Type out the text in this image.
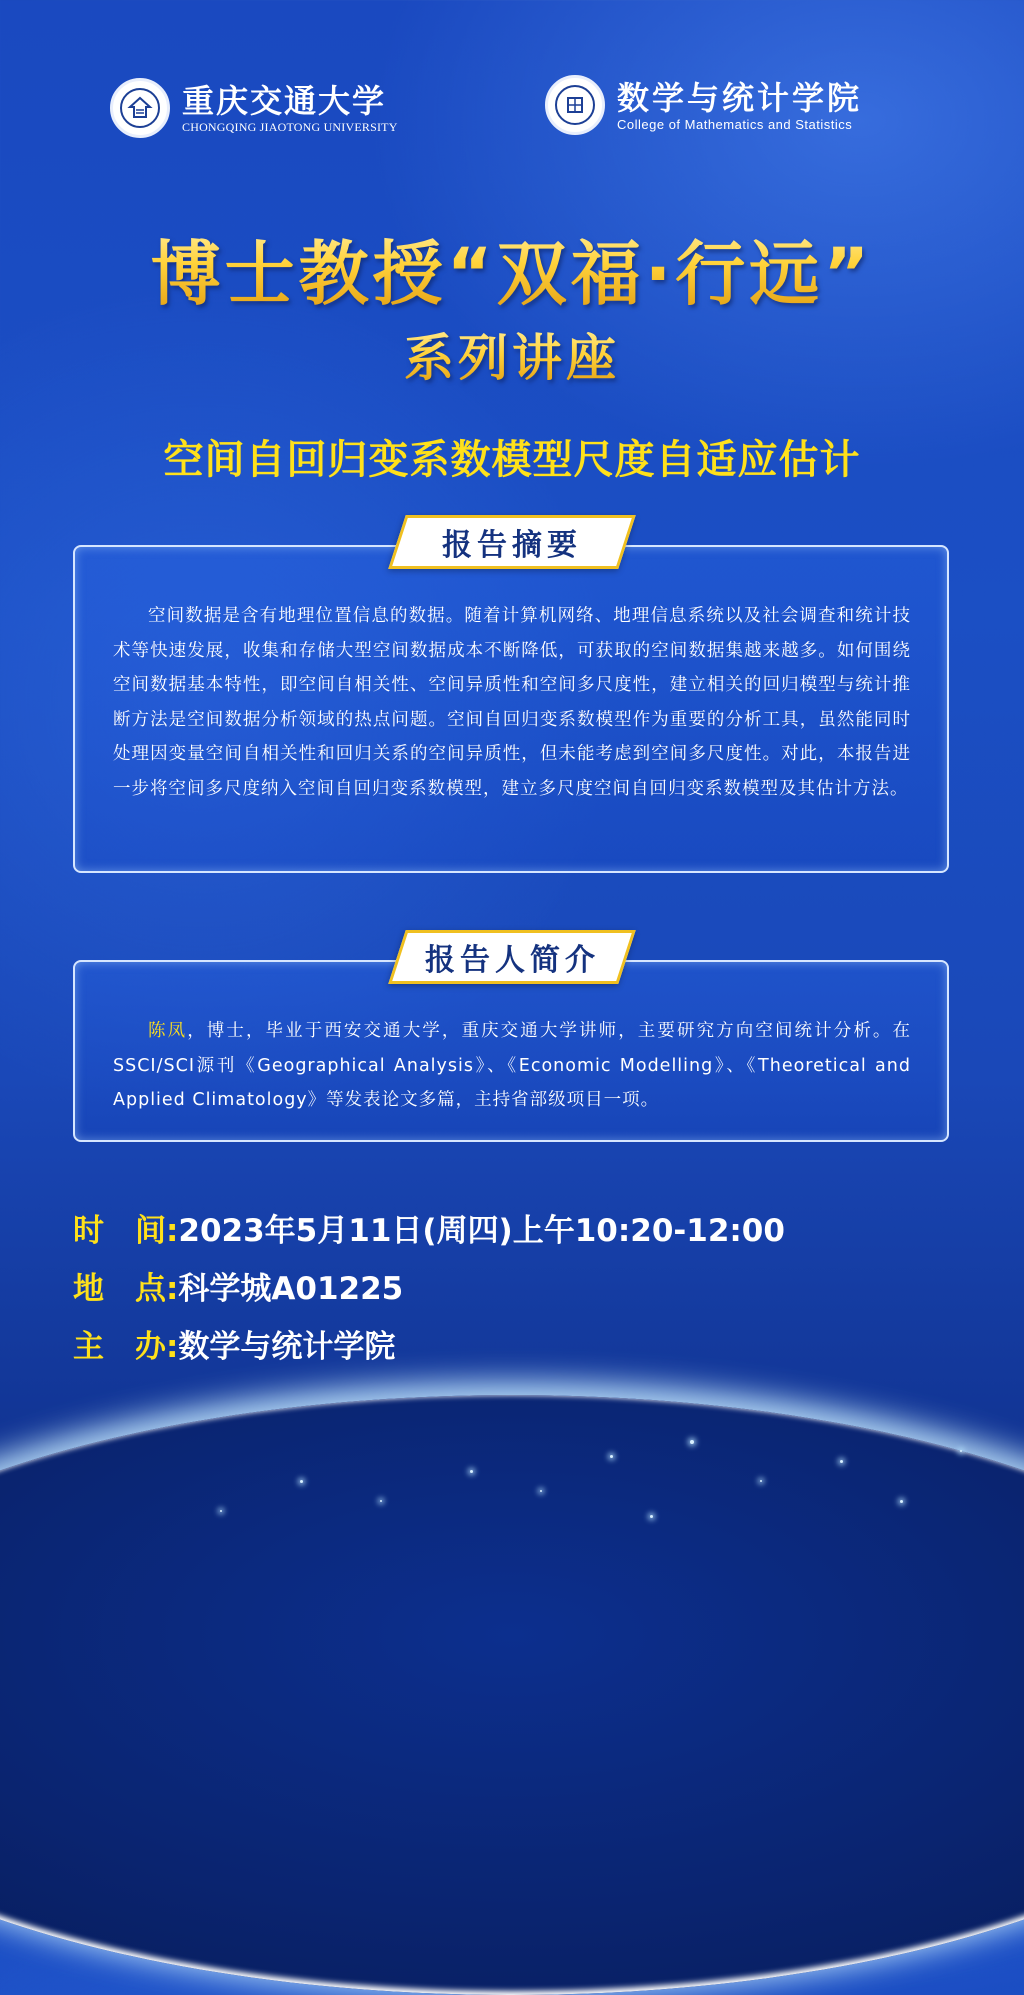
重庆交通大学
CHONGQING JIAOTONG UNIVERSITY
数学与统计学院
College of Mathematics and Statistics
博士教授“双福·行远”
系列讲座
空间自回归变系数模型尺度自适应估计
报告摘要
空间数据是含有地理位置信息的数据。随着计算机网络、地理信息系统以及社会调查和统计技术等快速发展，收集和存储大型空间数据成本不断降低，可获取的空间数据集越来越多。如何围绕空间数据基本特性，即空间自相关性、空间异质性和空间多尺度性，建立相关的回归模型与统计推断方法是空间数据分析领域的热点问题。空间自回归变系数模型作为重要的分析工具，虽然能同时处理因变量空间自相关性和回归关系的空间异质性，但未能考虑到空间多尺度性。对此，本报告进一步将空间多尺度纳入空间自回归变系数模型，建立多尺度空间自回归变系数模型及其估计方法。
报告人简介
陈凤，博士，毕业于西安交通大学，重庆交通大学讲师，主要研究方向空间统计分析。在SSCI/SCI源刊《Geographical Analysis》、《Economic Modelling》、《Theoretical and Applied Climatology》等发表论文多篇，主持省部级项目一项。
时　间:2023年5月11日(周四)上午10:20-12:00
地　点:科学城A01225
主　办:数学与统计学院
